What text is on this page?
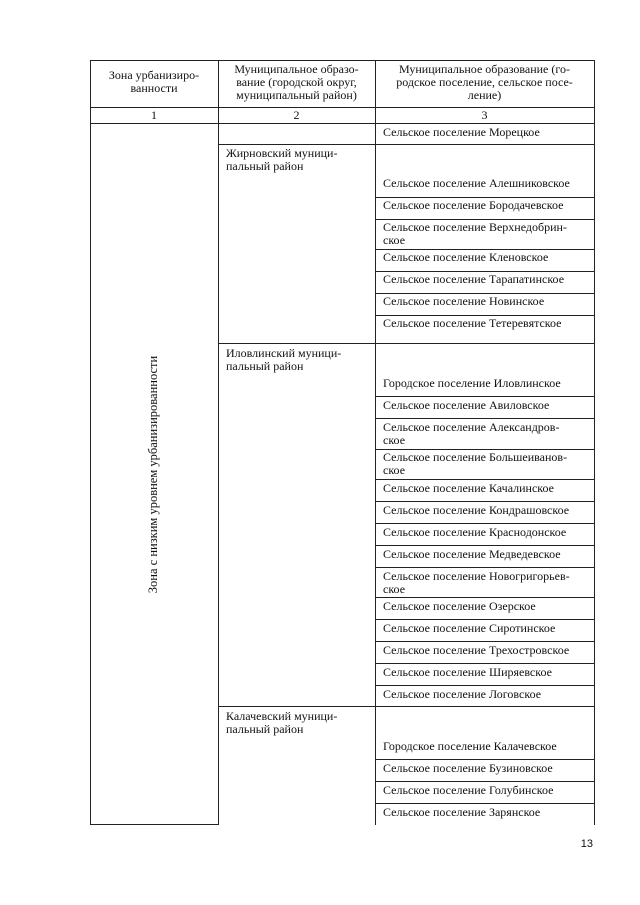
Зона урбанизиро-
ванности
Муниципальное образо-
вание (городской округ,
муниципальный район)
Муниципальное образование (го-
родское поселение, сельское посе-
ление)
1	2	3
Зона с низким уровнем урбанизированности
Сельское поселение Морецкое
Жирновский муници-
пальный район
Сельское поселение Алешниковское
Сельское поселение Бородачевское
Сельское поселение Верхнедобрин-
ское
Сельское поселение Кленовское
Сельское поселение Тарапатинское
Сельское поселение Новинское
Сельское поселение Тетеревятское
Иловлинский муници-
пальный район
Городское поселение Иловлинское
Сельское поселение Авиловское
Сельское поселение Александров-
ское
Сельское поселение Большеиванов-
ское
Сельское поселение Качалинское
Сельское поселение Кондрашовское
Сельское поселение Краснодонское
Сельское поселение Медведевское
Сельское поселение Новогригорьев-
ское
Сельское поселение Озерское
Сельское поселение Сиротинское
Сельское поселение Трехостровское
Сельское поселение Ширяевское
Сельское поселение Логовское
Калачевский муници-
пальный район
Городское поселение Калачевское
Сельское поселение Бузиновское
Сельское поселение Голубинское
Сельское поселение Зарянское
13
